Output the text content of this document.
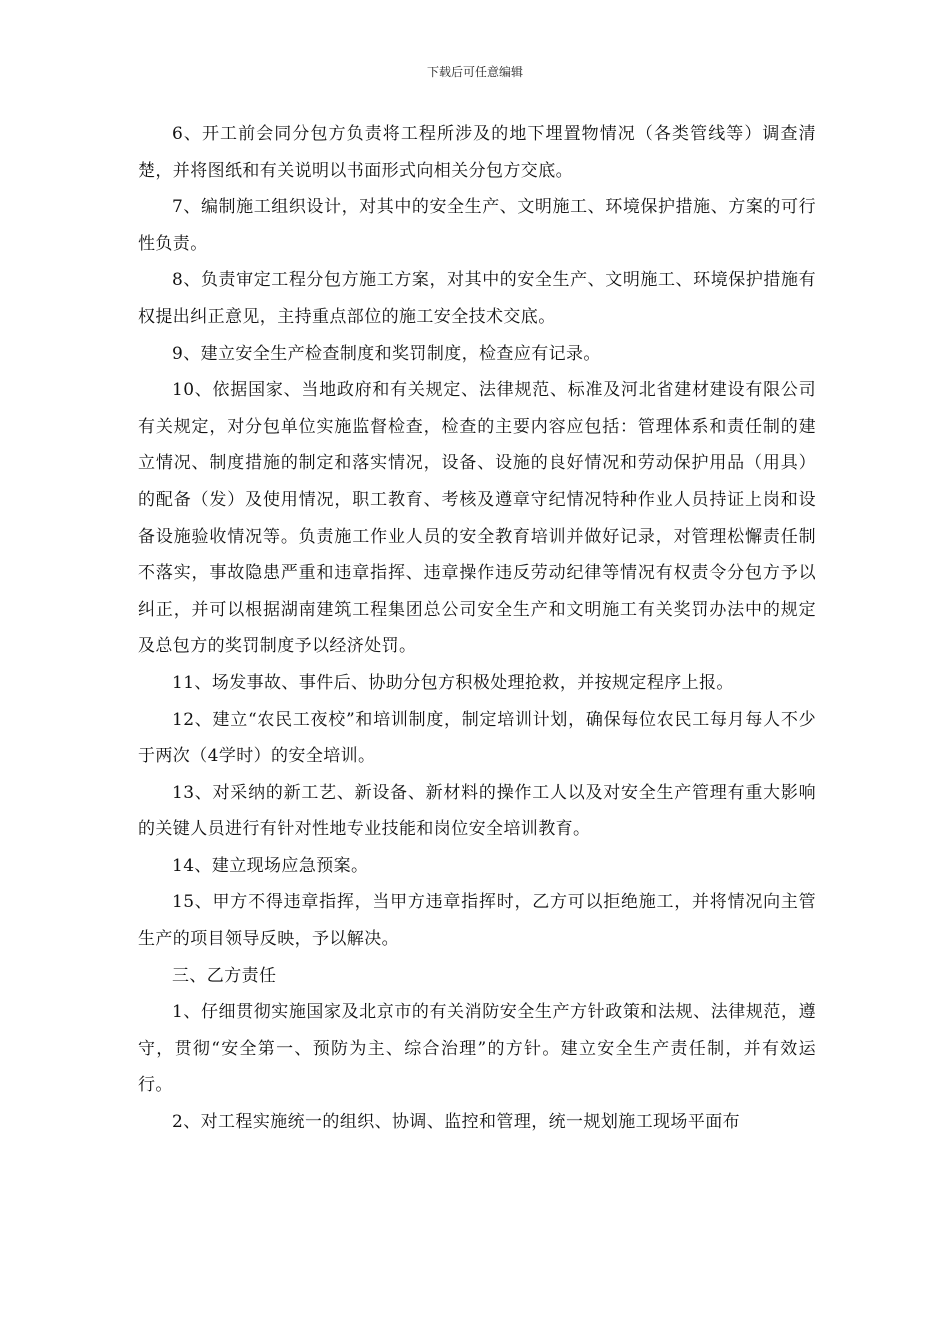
下载后可任意编辑

6、开工前会同分包方负责将工程所涉及的地下埋置物情况（各类管线等）调查清楚，并将图纸和有关说明以书面形式向相关分包方交底。

7、编制施工组织设计，对其中的安全生产、文明施工、环境保护措施、方案的可行性负责。

8、负责审定工程分包方施工方案，对其中的安全生产、文明施工、环境保护措施有权提出纠正意见，主持重点部位的施工安全技术交底。

9、建立安全生产检查制度和奖罚制度，检查应有记录。

10、依据国家、当地政府和有关规定、法律规范、标准及河北省建材建设有限公司有关规定，对分包单位实施监督检查，检查的主要内容应包括：管理体系和责任制的建立情况、制度措施的制定和落实情况，设备、设施的良好情况和劳动保护用品（用具）的配备（发）及使用情况，职工教育、考核及遵章守纪情况特种作业人员持证上岗和设备设施验收情况等。负责施工作业人员的安全教育培训并做好记录，对管理松懈责任制不落实，事故隐患严重和违章指挥、违章操作违反劳动纪律等情况有权责令分包方予以纠正，并可以根据湖南建筑工程集团总公司安全生产和文明施工有关奖罚办法中的规定及总包方的奖罚制度予以经济处罚。

11、场发事故、事件后、协助分包方积极处理抢救，并按规定程序上报。

12、建立“农民工夜校”和培训制度，制定培训计划，确保每位农民工每月每人不少于两次（4学时）的安全培训。

13、对采纳的新工艺、新设备、新材料的操作工人以及对安全生产管理有重大影响的关键人员进行有针对性地专业技能和岗位安全培训教育。

14、建立现场应急预案。

15、甲方不得违章指挥，当甲方违章指挥时，乙方可以拒绝施工，并将情况向主管生产的项目领导反映，予以解决。

三、乙方责任

1、仔细贯彻实施国家及北京市的有关消防安全生产方针政策和法规、法律规范，遵守，贯彻“安全第一、预防为主、综合治理”的方针。建立安全生产责任制，并有效运行。

2、对工程实施统一的组织、协调、监控和管理，统一规划施工现场平面布
